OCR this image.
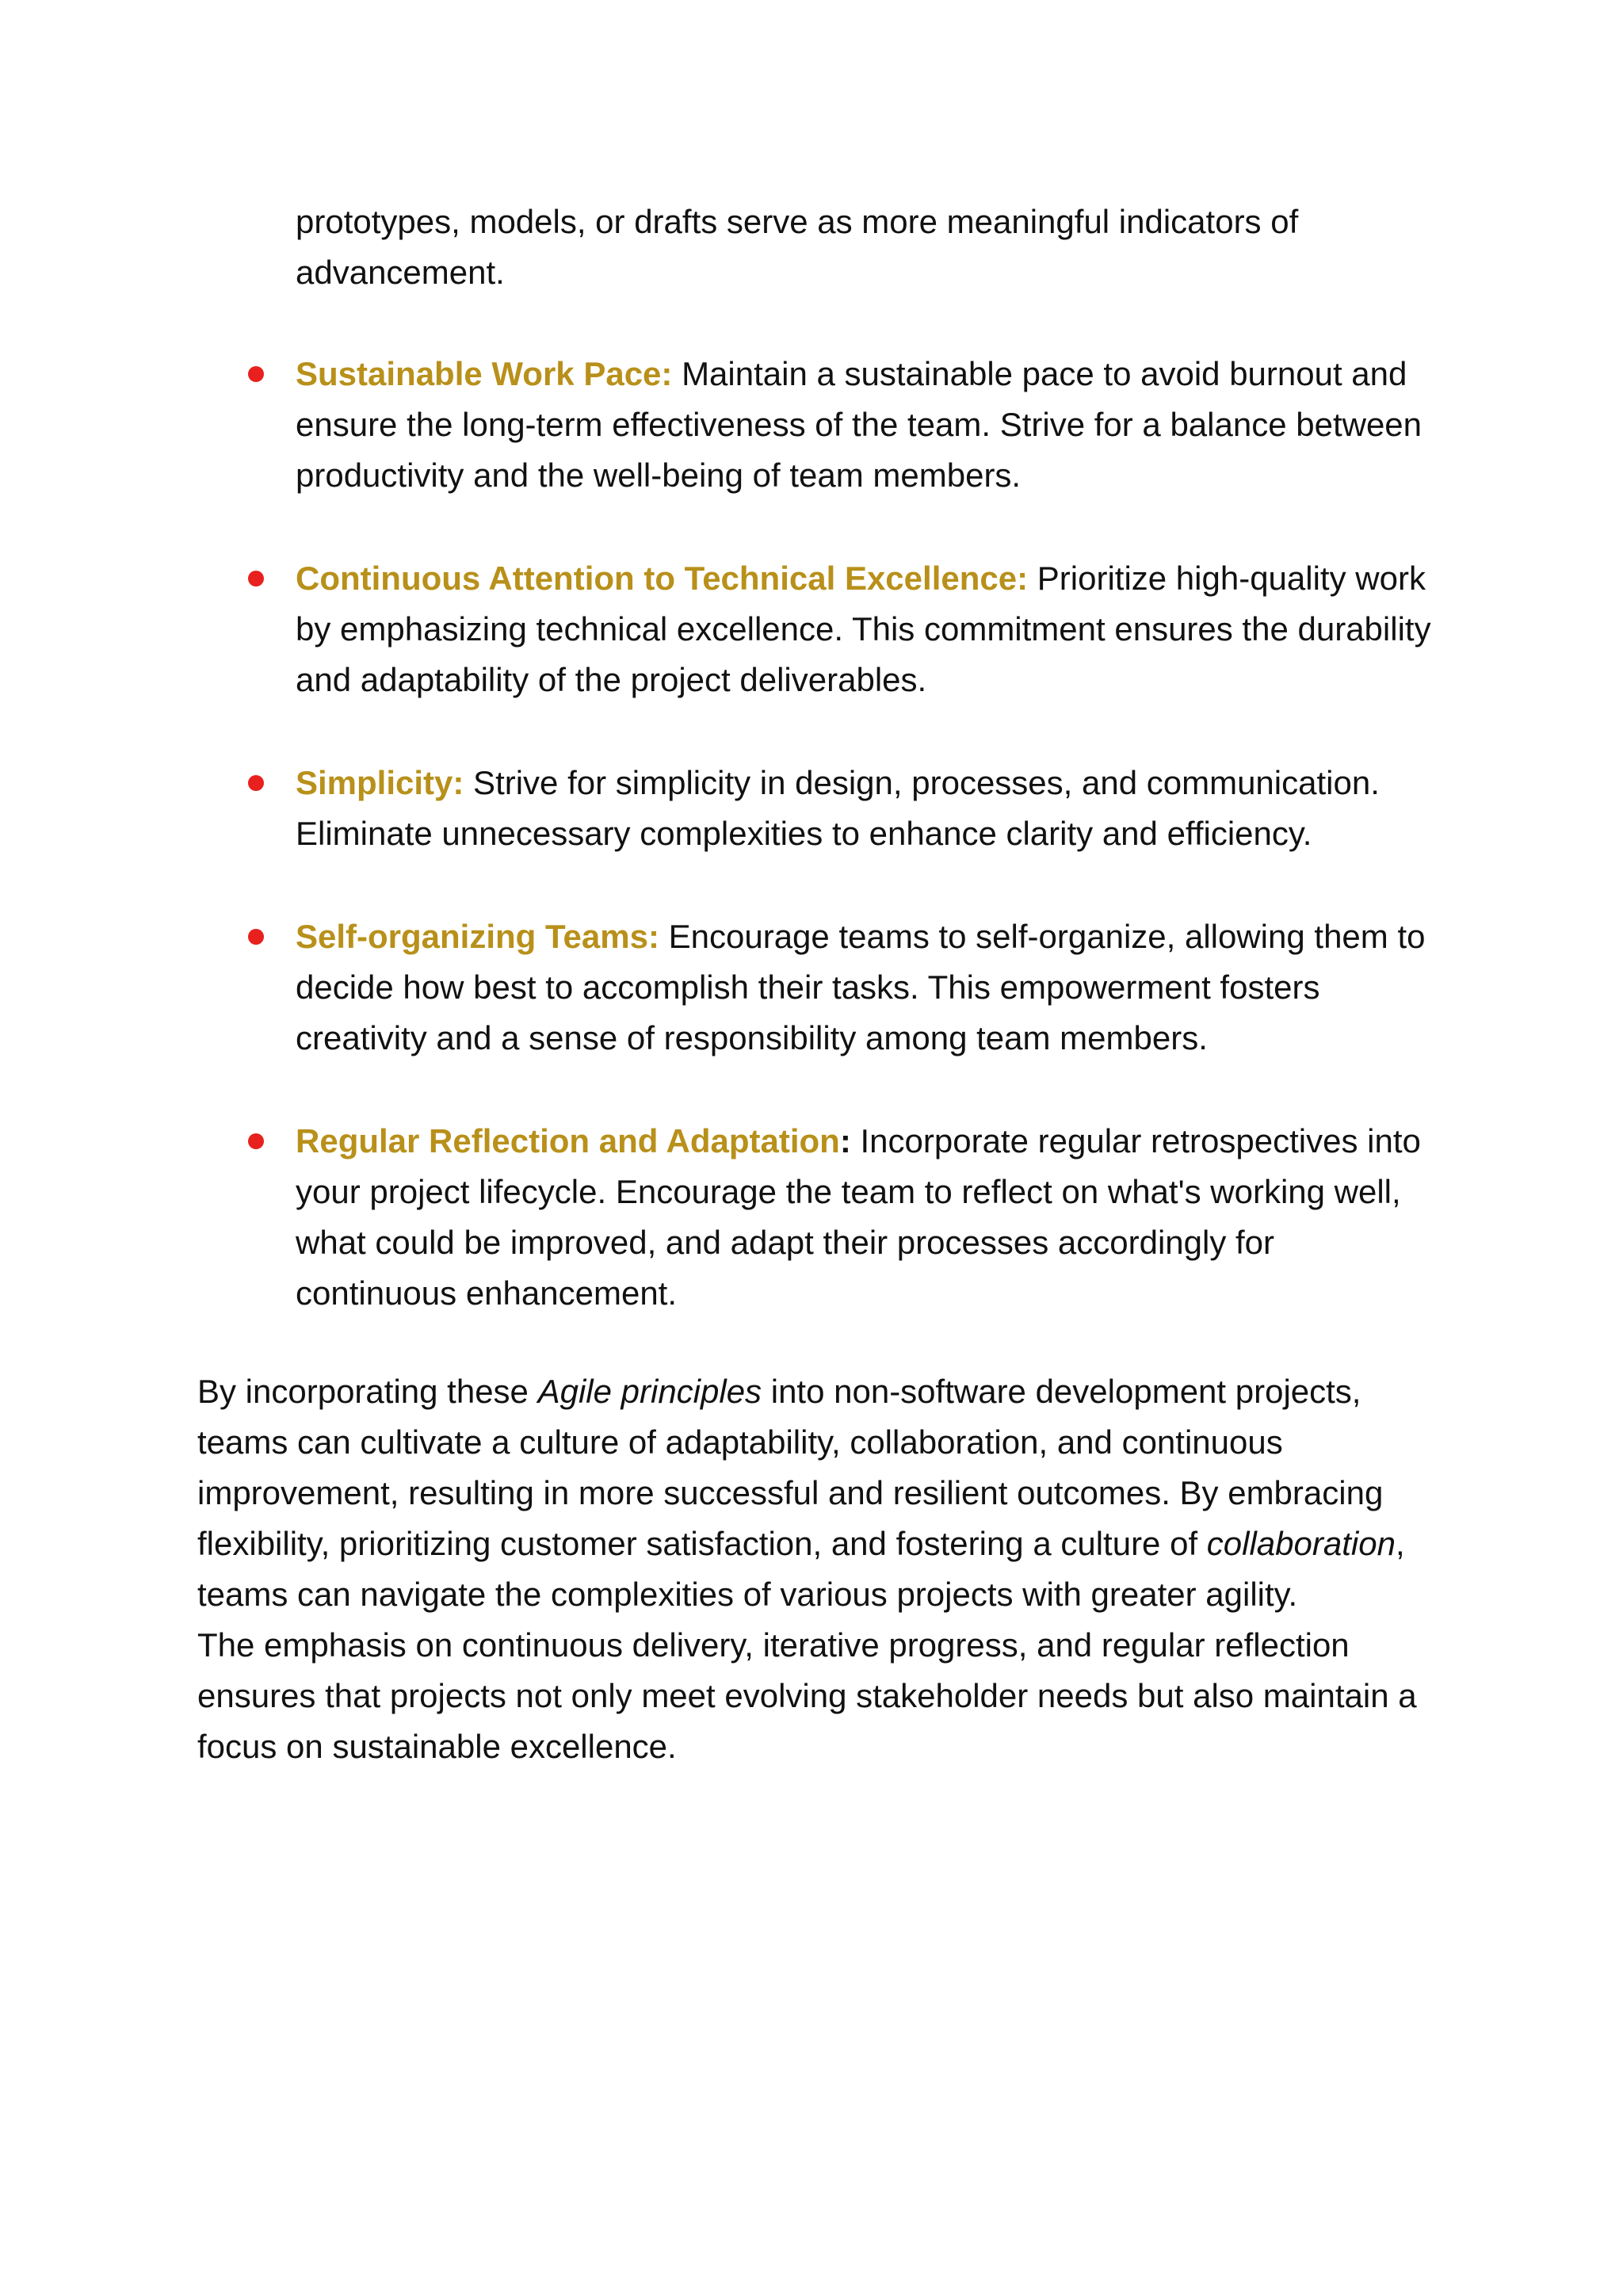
prototypes, models, or drafts serve as more meaningful indicators of advancement.

Sustainable Work Pace: Maintain a sustainable pace to avoid burnout and ensure the long-term effectiveness of the team. Strive for a balance between productivity and the well-being of team members.
Continuous Attention to Technical Excellence: Prioritize high-quality work by emphasizing technical excellence. This commitment ensures the durability and adaptability of the project deliverables.
Simplicity: Strive for simplicity in design, processes, and communication. Eliminate unnecessary complexities to enhance clarity and efficiency.
Self-organizing Teams: Encourage teams to self-organize, allowing them to decide how best to accomplish their tasks. This empowerment fosters creativity and a sense of responsibility among team members.
Regular Reflection and Adaptation: Incorporate regular retrospectives into your project lifecycle. Encourage the team to reflect on what's working well, what could be improved, and adapt their processes accordingly for continuous enhancement.

By incorporating these Agile principles into non-software development projects, teams can cultivate a culture of adaptability, collaboration, and continuous improvement, resulting in more successful and resilient outcomes. By embracing flexibility, prioritizing customer satisfaction, and fostering a culture of collaboration, teams can navigate the complexities of various projects with greater agility.

The emphasis on continuous delivery, iterative progress, and regular reflection ensures that projects not only meet evolving stakeholder needs but also maintain a focus on sustainable excellence.
